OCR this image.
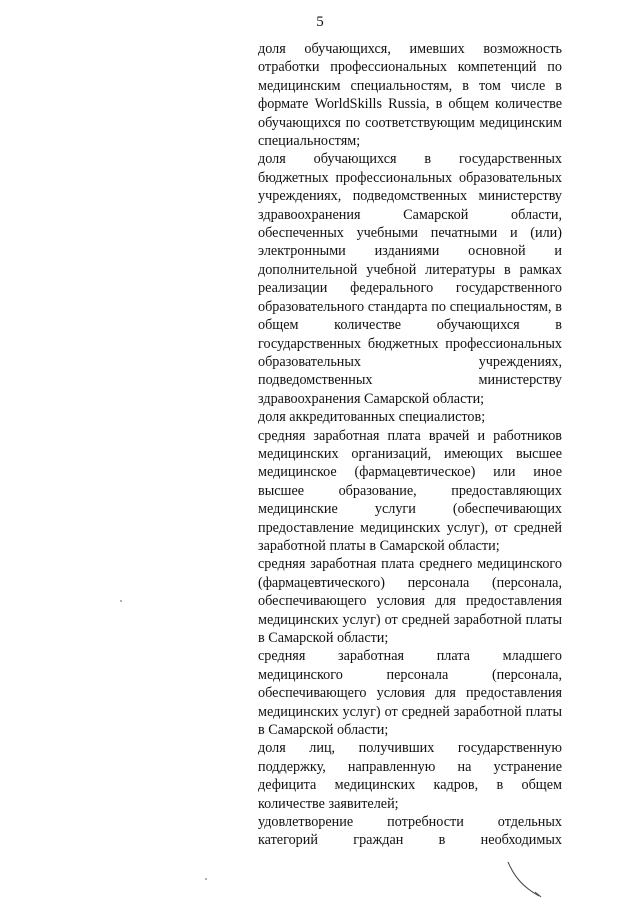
5

доля обучающихся, имевших возможность отработки профессиональных компетенций по медицинским специальностям, в том числе в формате WorldSkills Russia, в общем количестве обучающихся по соответствующим медицинским специальностям;

доля обучающихся в государственных бюджетных профессиональных образовательных учреждениях, подведомственных министерству здравоохранения Самарской области, обеспеченных учебными печатными и (или) электронными изданиями основной и дополнительной учебной литературы в рамках реализации федерального государственного образовательного стандарта по специальностям, в общем количестве обучающихся в государственных бюджетных профессиональных образовательных учреждениях, подведомственных министерству здравоохранения Самарской области;

доля аккредитованных специалистов;

средняя заработная плата врачей и работников медицинских организаций, имеющих высшее медицинское (фармацевтическое) или иное высшее образование, предоставляющих медицинские услуги (обеспечивающих предоставление медицинских услуг), от средней заработной платы в Самарской области;

средняя заработная плата среднего медицинского (фармацевтического) персонала (персонала, обеспечивающего условия для предоставления медицинских услуг) от средней заработной платы в Самарской области;

средняя заработная плата младшего медицинского персонала (персонала, обеспечивающего условия для предоставления медицинских услуг) от средней заработной платы в Самарской области;

доля лиц, получивших государственную поддержку, направленную на устранение дефицита медицинских кадров, в общем количестве заявителей;

удовлетворение потребности отдельных категорий граждан в необходимых
